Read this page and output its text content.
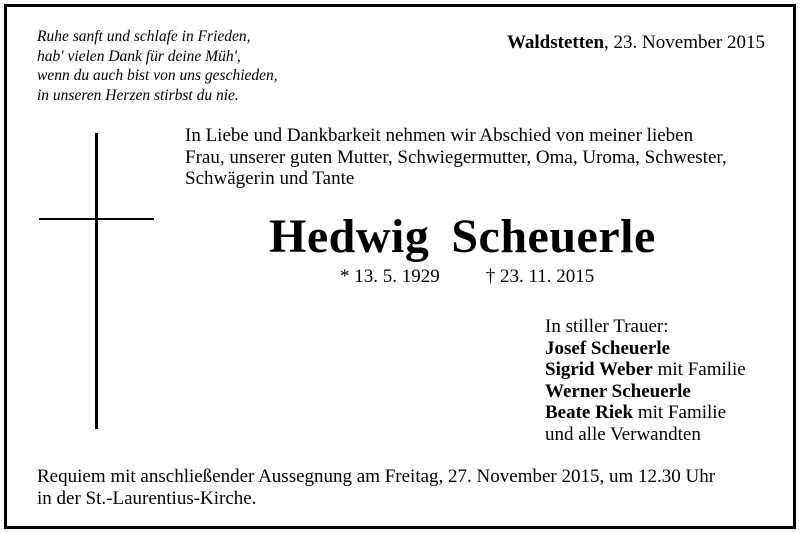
Ruhe sanft und schlafe in Frieden,
hab' vielen Dank für deine Müh',
wenn du auch bist von uns geschieden,
in unseren Herzen stirbst du nie.
Waldstetten, 23. November 2015
In Liebe und Dankbarkeit nehmen wir Abschied von meiner lieben
Frau, unserer guten Mutter, Schwiegermutter, Oma, Uroma, Schwester,
Schwägerin und Tante
Hedwig Scheuerle
* 13. 5. 1929 † 23. 11. 2015
In stiller Trauer:
Josef Scheuerle
Sigrid Weber mit Familie
Werner Scheuerle
Beate Riek mit Familie
und alle Verwandten
Requiem mit anschließender Aussegnung am Freitag, 27. November 2015, um 12.30 Uhr
in der St.-Laurentius-Kirche.
